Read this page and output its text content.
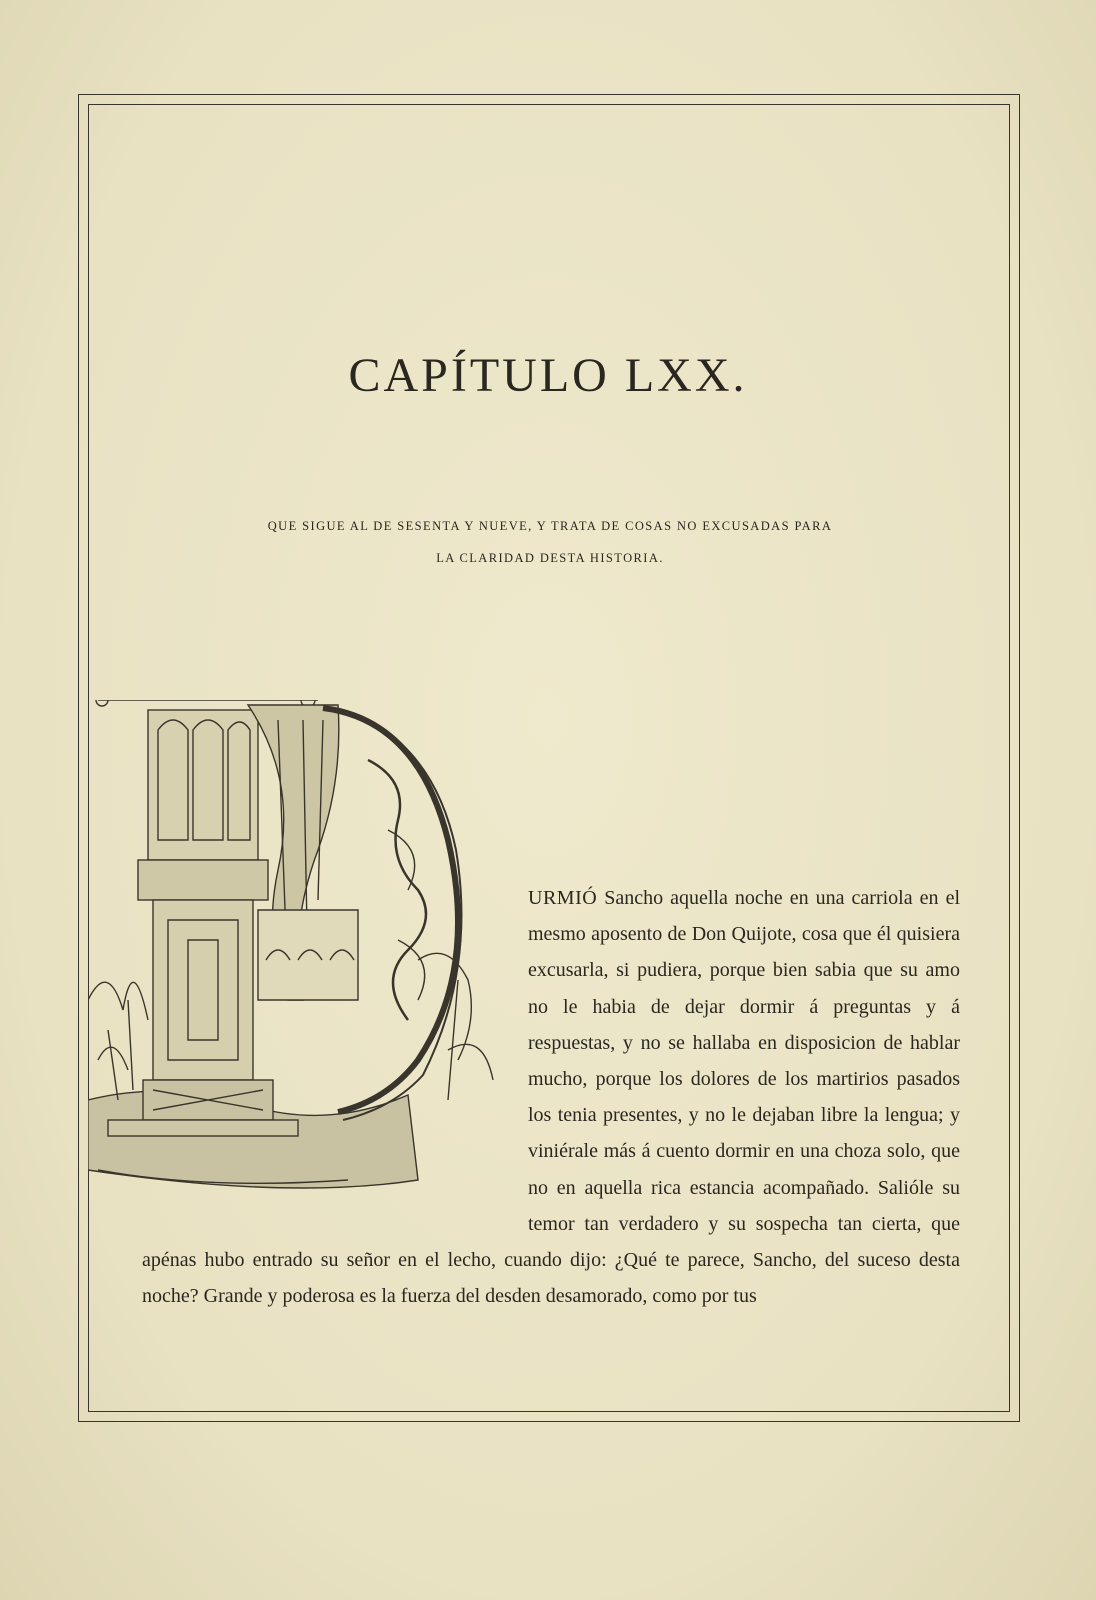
CAPÍTULO LXX.
QUE SIGUE AL DE SESENTA Y NUEVE, Y TRATA DE COSAS NO EXCUSADAS PARA
LA CLARIDAD DESTA HISTORIA.

URMIÓ Sancho aquella noche en una carriola en el mesmo aposento de Don Quijote, cosa que él quisiera excusarla, si pudiera, porque bien sabia que su amo no le habia de dejar dormir á preguntas y á respuestas, y no se hallaba en disposicion de hablar mucho, porque los dolores de los martirios pasados los tenia presentes, y no le dejaban libre la lengua; y viniérale más á cuento dormir en una choza solo, que no en aquella rica estancia acompañado. Salióle su temor tan verdadero y su sospecha tan cierta, que apénas hubo entrado su señor en el lecho, cuando dijo: ¿Qué te parece, Sancho, del suceso desta noche? Grande y poderosa es la fuerza del desden desamorado, como por tus
